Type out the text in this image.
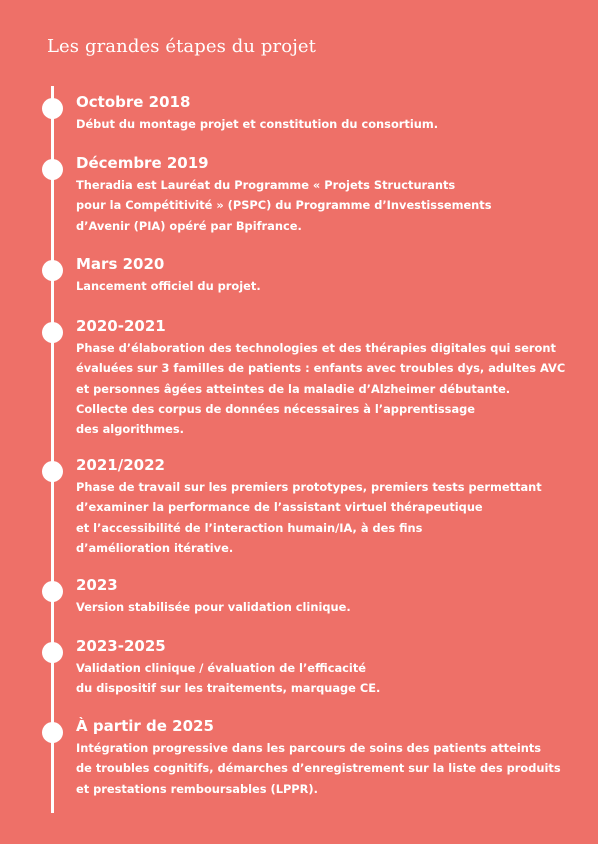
Les grandes étapes du projet
Octobre 2018
Début du montage projet et constitution du consortium.
Décembre 2019
Theradia est Lauréat du Programme « Projets Structurants
pour la Compétitivité » (PSPC) du Programme d’Investissements
d’Avenir (PIA) opéré par Bpifrance.
Mars 2020
Lancement officiel du projet.
2020-2021
Phase d’élaboration des technologies et des thérapies digitales qui seront
évaluées sur 3 familles de patients : enfants avec troubles dys, adultes AVC
et personnes âgées atteintes de la maladie d’Alzheimer débutante.
Collecte des corpus de données nécessaires à l’apprentissage
des algorithmes.
2021/2022
Phase de travail sur les premiers prototypes, premiers tests permettant
d’examiner la performance de l’assistant virtuel thérapeutique
et l’accessibilité de l’interaction humain/IA, à des fins
d’amélioration itérative.
2023
Version stabilisée pour validation clinique.
2023-2025
Validation clinique / évaluation de l’efficacité
du dispositif sur les traitements, marquage CE.
À partir de 2025
Intégration progressive dans les parcours de soins des patients atteints
de troubles cognitifs, démarches d’enregistrement sur la liste des produits
et prestations remboursables (LPPR).
